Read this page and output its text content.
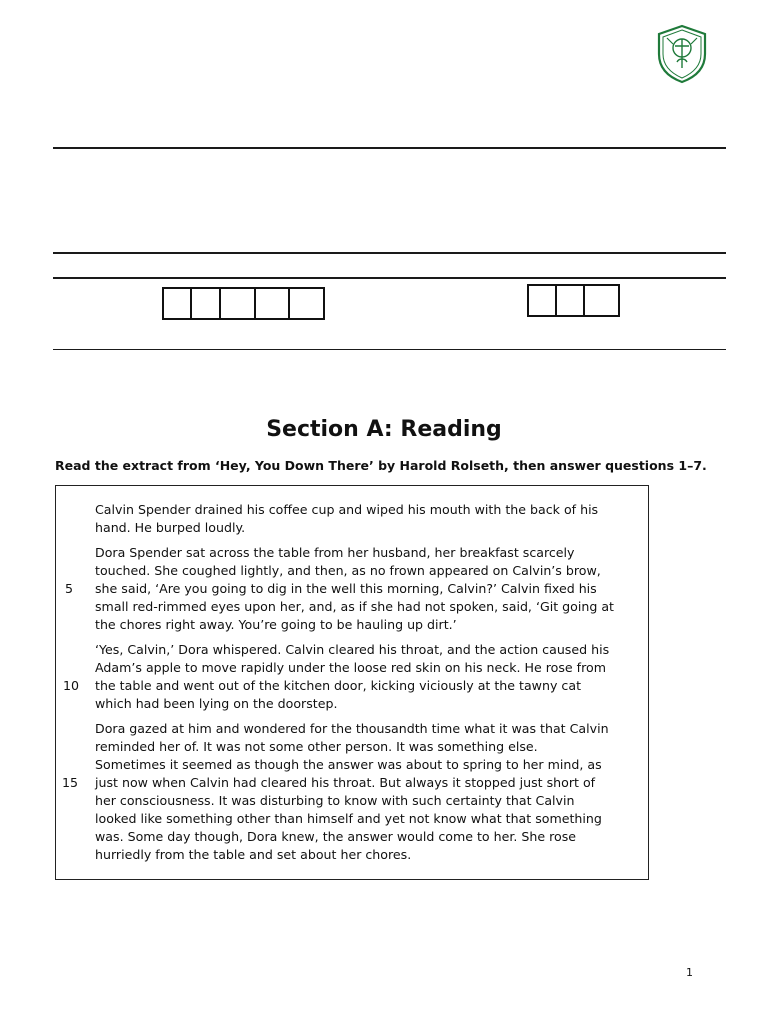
Section A: Reading
Read the extract from ‘Hey, You Down There’ by Harold Rolseth, then answer questions 1–7.
Calvin Spender drained his coffee cup and wiped his mouth with the back of his
hand. He burped loudly.
Dora Spender sat across the table from her husband, her breakfast scarcely
touched. She coughed lightly, and then, as no frown appeared on Calvin’s brow,
she said, ‘Are you going to dig in the well this morning, Calvin?’ Calvin fixed his
small red-rimmed eyes upon her, and, as if she had not spoken, said, ‘Git going at
the chores right away. You’re going to be hauling up dirt.’
‘Yes, Calvin,’ Dora whispered. Calvin cleared his throat, and the action caused his
Adam’s apple to move rapidly under the loose red skin on his neck. He rose from
the table and went out of the kitchen door, kicking viciously at the tawny cat
which had been lying on the doorstep.
Dora gazed at him and wondered for the thousandth time what it was that Calvin
reminded her of. It was not some other person. It was something else.
Sometimes it seemed as though the answer was about to spring to her mind, as
just now when Calvin had cleared his throat. But always it stopped just short of
her consciousness. It was disturbing to know with such certainty that Calvin
looked like something other than himself and yet not know what that something
was. Some day though, Dora knew, the answer would come to her. She rose
hurriedly from the table and set about her chores.
5
10
15
1
